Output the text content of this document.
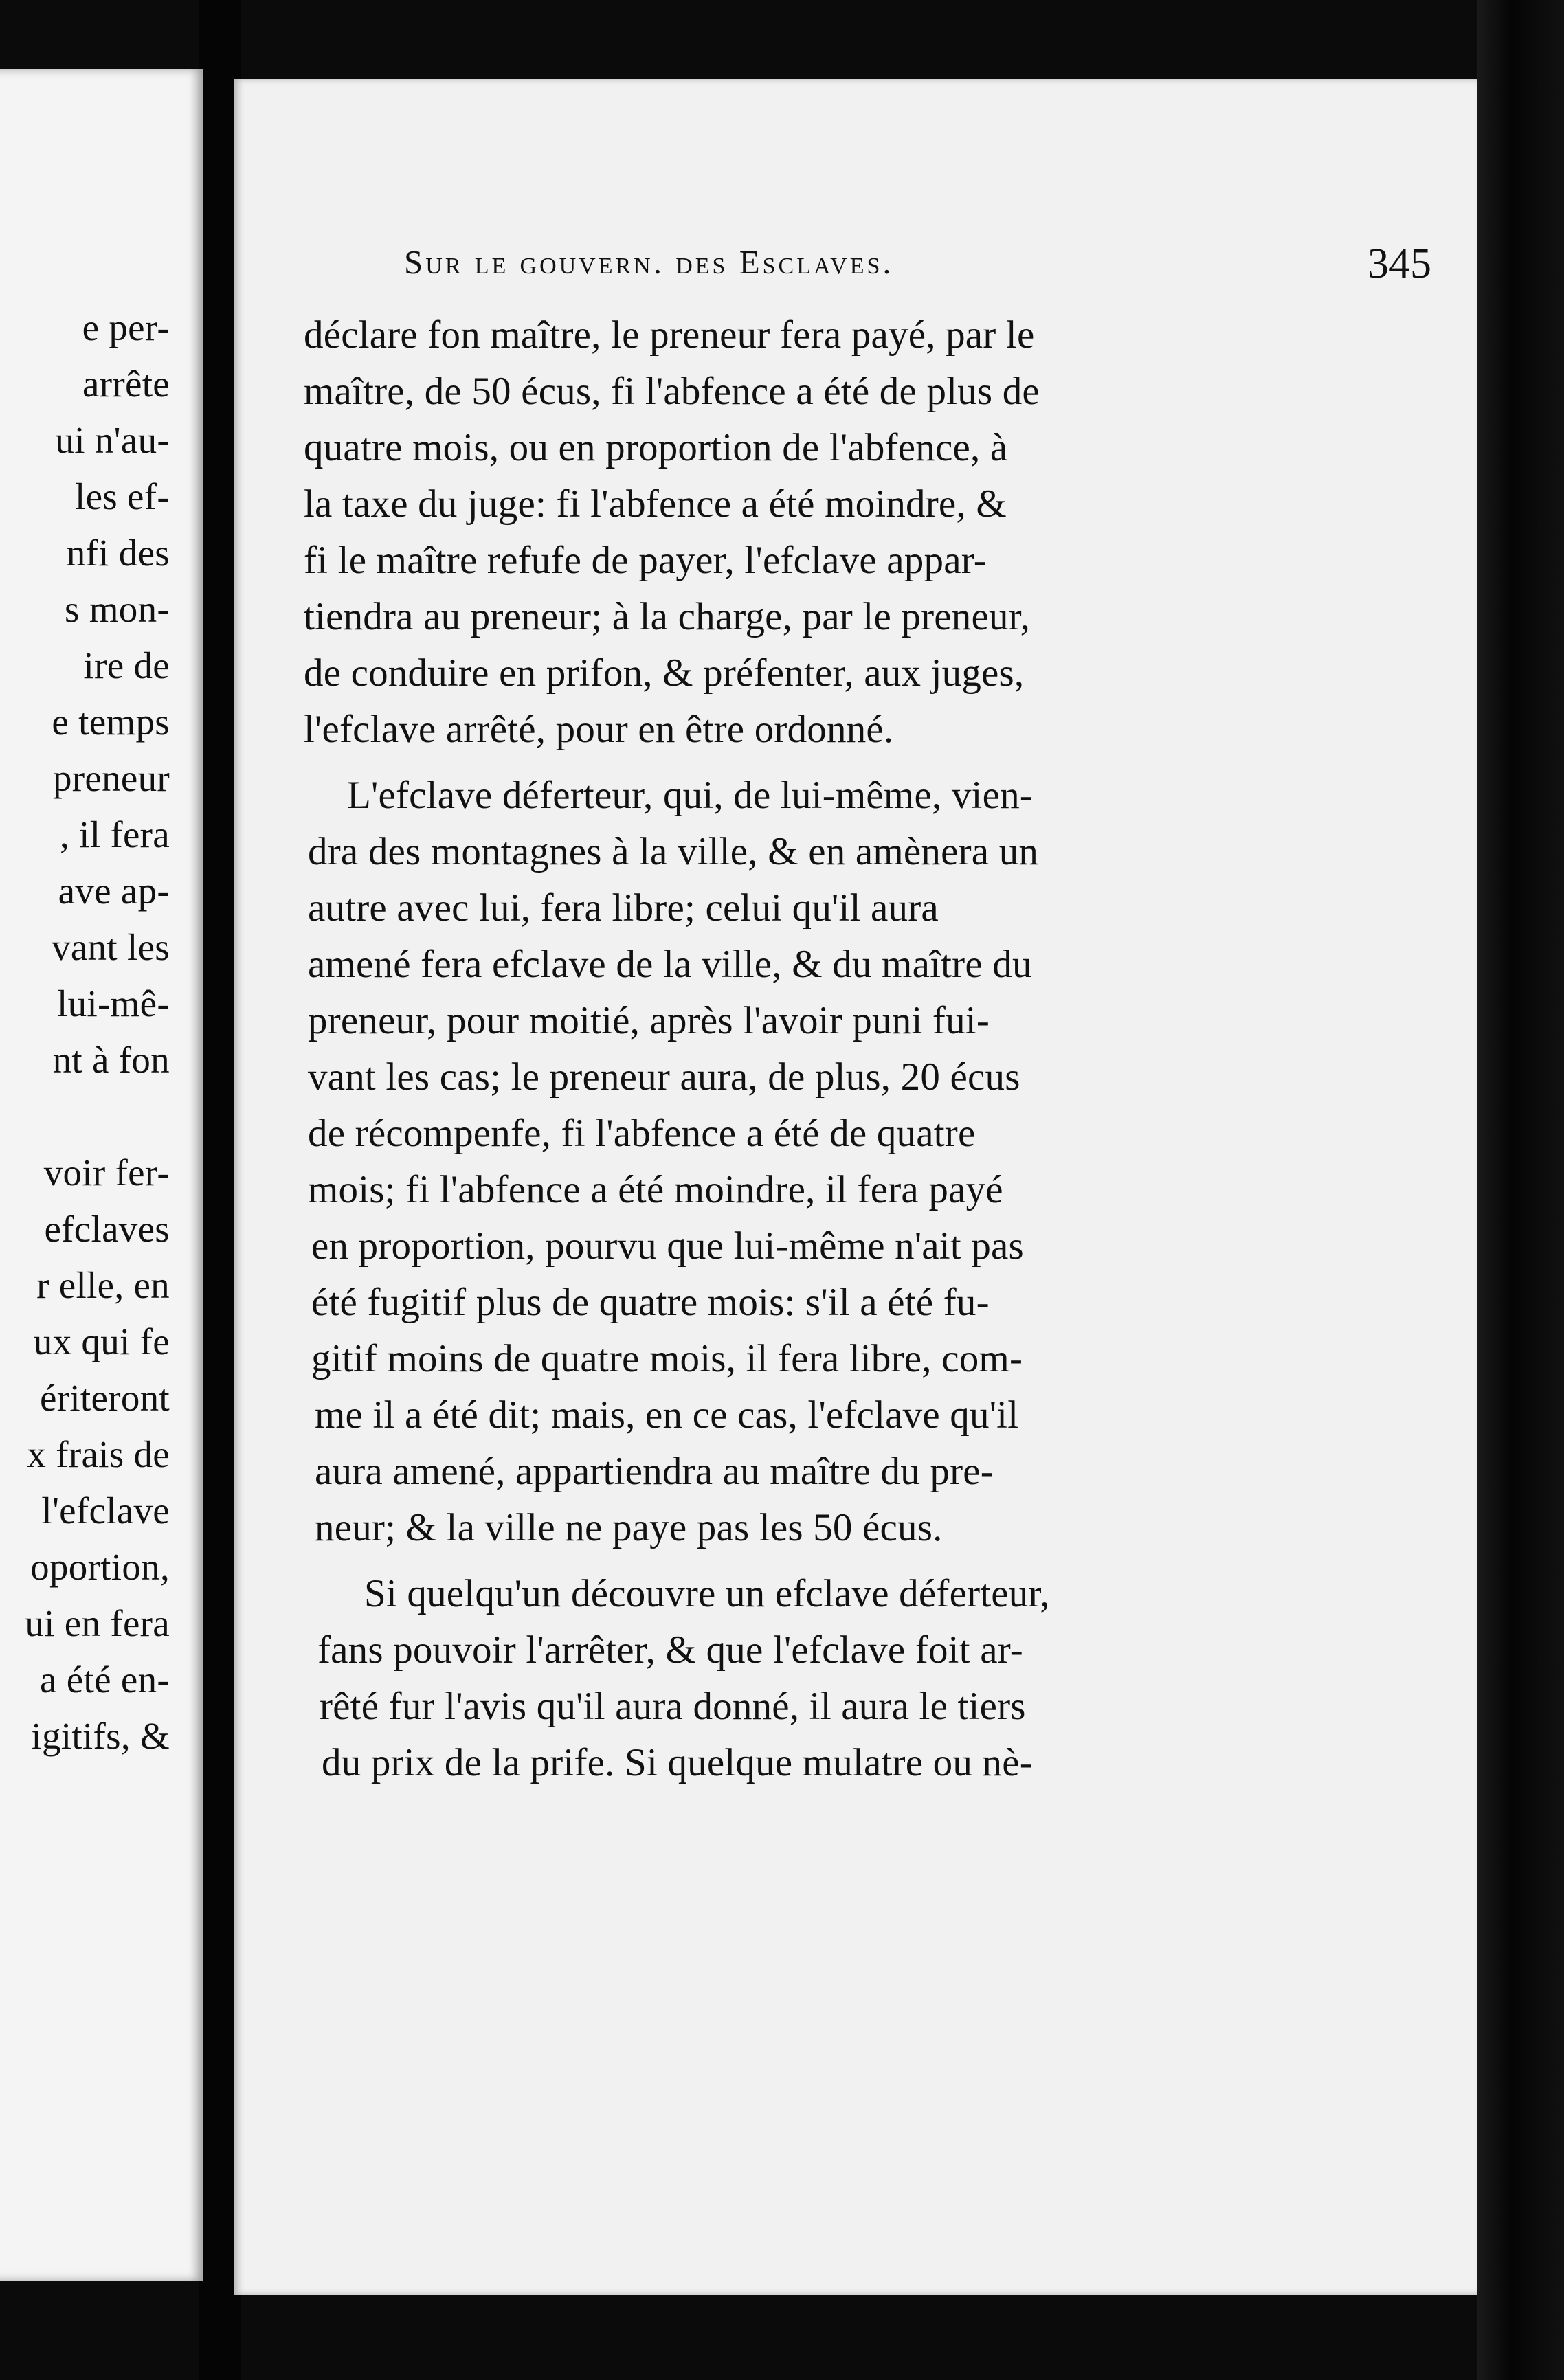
e per-
arrête
ui n'au-
les ef-
nfi des
s mon-
ire de
e temps
preneur
, il fera
ave ap-
vant les
lui-mê-
nt à fon
voir fer-
efclaves
r elle, en
ux qui fe
ériteront
x frais de
l'efclave
oportion,
ui en fera
a été en-
igitifs, &
Sur le gouvern. des Esclaves.	345
déclare fon maître, le preneur fera payé, par le
maître, de 50 écus, fi l'abfence a été de plus de
quatre mois, ou en proportion de l'abfence, à
la taxe du juge: fi l'abfence a été moindre, &
fi le maître refufe de payer, l'efclave appar-
tiendra au preneur; à la charge, par le preneur,
de conduire en prifon, & préfenter, aux juges,
l'efclave arrêté, pour en être ordonné.
L'efclave déferteur, qui, de lui-même, vien-
dra des montagnes à la ville, & en amènera un
autre avec lui, fera libre; celui qu'il aura
amené fera efclave de la ville, & du maître du
preneur, pour moitié, après l'avoir puni fui-
vant les cas; le preneur aura, de plus, 20 écus
de récompenfe, fi l'abfence a été de quatre
mois; fi l'abfence a été moindre, il fera payé
en proportion, pourvu que lui-même n'ait pas
été fugitif plus de quatre mois: s'il a été fu-
gitif moins de quatre mois, il fera libre, com-
me il a été dit; mais, en ce cas, l'efclave qu'il
aura amené, appartiendra au maître du pre-
neur; & la ville ne paye pas les 50 écus.
Si quelqu'un découvre un efclave déferteur,
fans pouvoir l'arrêter, & que l'efclave foit ar-
rêté fur l'avis qu'il aura donné, il aura le tiers
du prix de la prife. Si quelque mulatre ou nè-
